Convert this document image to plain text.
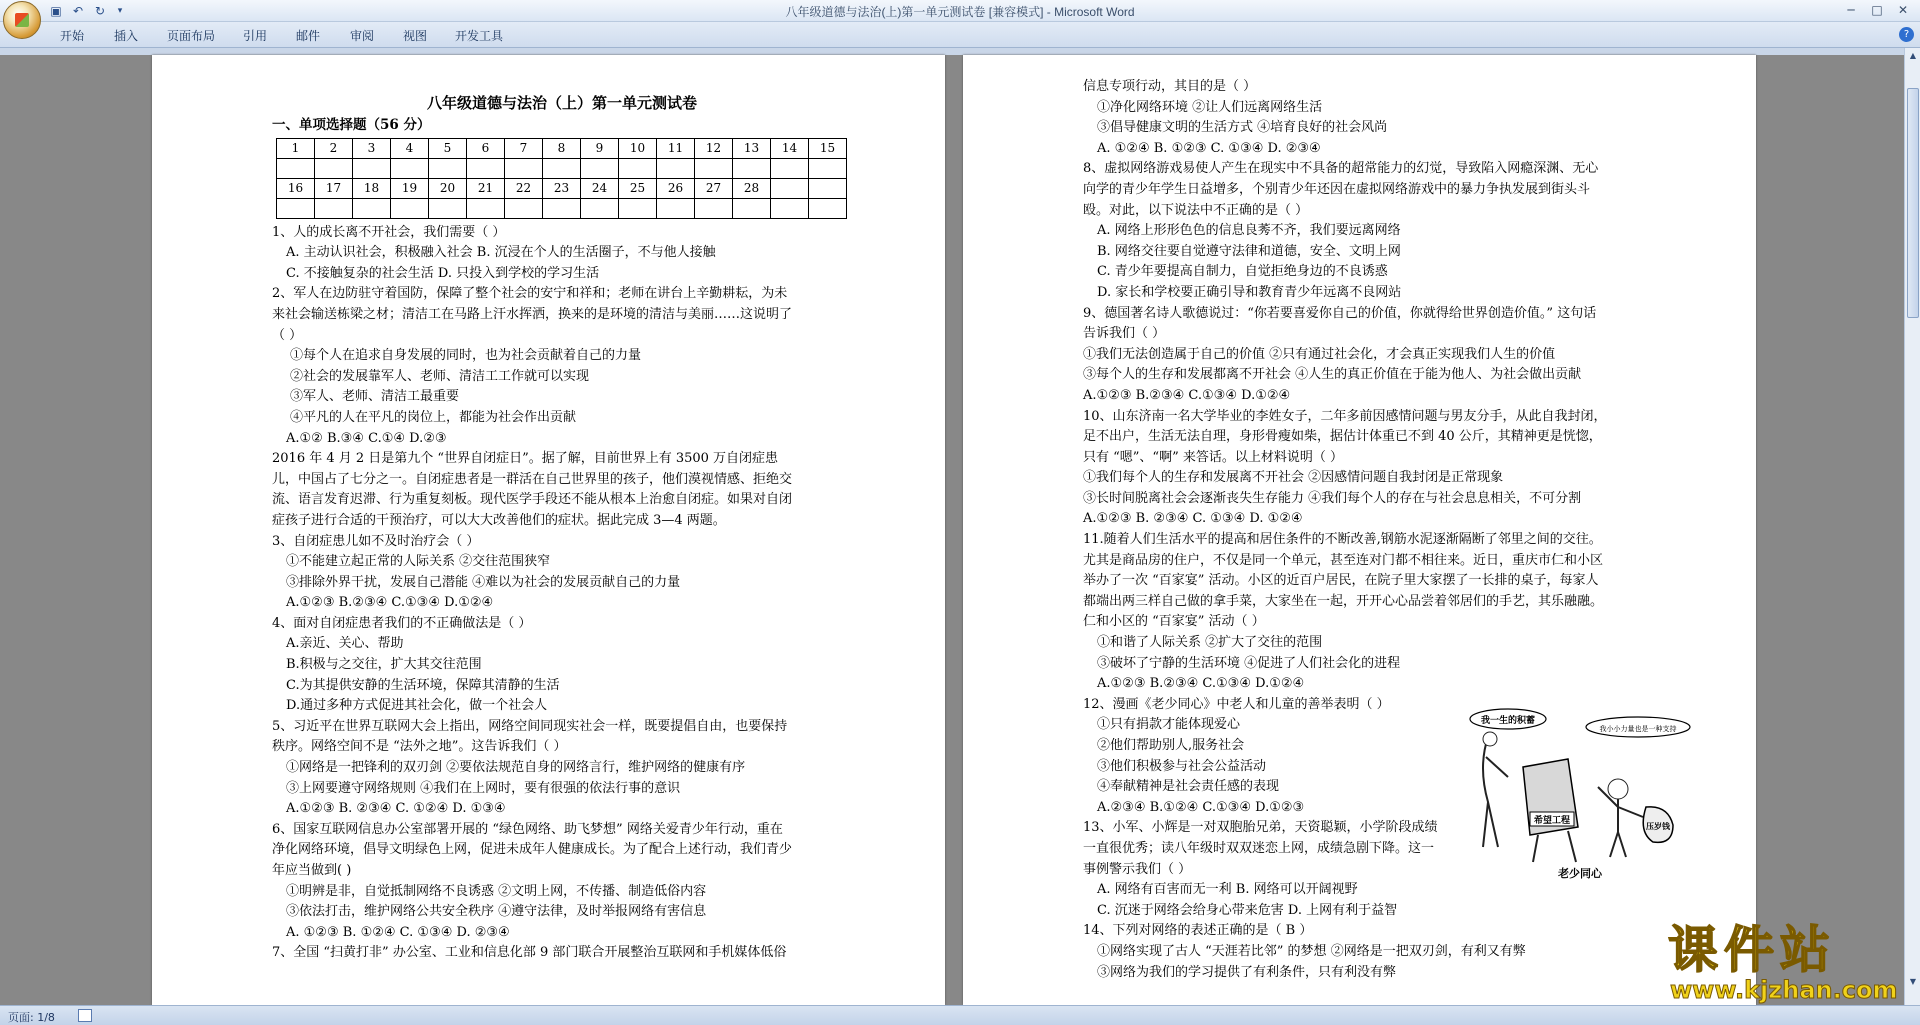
▣ ↶ ↻	▾	八年级道德与法治(上)第一单元测试卷 [兼容模式] - Microsoft Word	─	□	✕
开始 插入 页面布局 引用 邮件 审阅 视图 开发工具	?
八年级道德与法治（上）第一单元测试卷
一、单项选择题（56 分）
1	2	3	4	5	6	7	8	9	10	11	12	13	14	15

16	17	18	19	20	21	22	23	24	25	26	27	28		

1、人的成长离不开社会，我们需要（ ）
A. 主动认识社会，积极融入社会 B. 沉浸在个人的生活圈子，不与他人接触
C. 不接触复杂的社会生活 D. 只投入到学校的学习生活
2、军人在边防驻守着国防，保障了整个社会的安宁和祥和；老师在讲台上辛勤耕耘，为未
来社会输送栋梁之材；清洁工在马路上汗水挥洒，换来的是环境的清洁与美丽……这说明了
（ ）
①每个人在追求自身发展的同时，也为社会贡献着自己的力量
②社会的发展靠军人、老师、清洁工工作就可以实现
③军人、老师、清洁工最重要
④平凡的人在平凡的岗位上，都能为社会作出贡献
A.①② B.③④ C.①④ D.②③
2016 年 4 月 2 日是第九个 “世界自闭症日”。据了解，目前世界上有 3500 万自闭症患
儿，中国占了七分之一。自闭症患者是一群活在自己世界里的孩子，他们漠视情感、拒绝交
流、语言发育迟滞、行为重复刻板。现代医学手段还不能从根本上治愈自闭症。如果对自闭
症孩子进行合适的干预治疗，可以大大改善他们的症状。据此完成 3—4 两题。
3、自闭症患儿如不及时治疗会（ ）
①不能建立起正常的人际关系 ②交往范围狭窄
③排除外界干扰，发展自己潜能 ④难以为社会的发展贡献自己的力量
A.①②③ B.②③④ C.①③④ D.①②④
4、面对自闭症患者我们的不正确做法是（ ）
A.亲近、关心、帮助
B.积极与之交往，扩大其交往范围
C.为其提供安静的生活环境，保障其清静的生活
D.通过多种方式促进其社会化，做一个社会人
5、习近平在世界互联网大会上指出，网络空间同现实社会一样，既要提倡自由，也要保持
秩序。网络空间不是 “法外之地”。这告诉我们（ ）
①网络是一把锋利的双刃剑 ②要依法规范自身的网络言行，维护网络的健康有序
③上网要遵守网络规则 ④我们在上网时，要有很强的依法行事的意识
A.①②③ B. ②③④ C. ①②④ D. ①③④
6、国家互联网信息办公室部署开展的 “绿色网络、助飞梦想” 网络关爱青少年行动，重在
净化网络环境，倡导文明绿色上网，促进未成年人健康成长。为了配合上述行动，我们青少
年应当做到( )
①明辨是非，自觉抵制网络不良诱惑 ②文明上网，不传播、制造低俗内容
③依法打击，维护网络公共安全秩序 ④遵守法律，及时举报网络有害信息
A. ①②③ B. ①②④ C. ①③④ D. ②③④
7、全国 “扫黄打非” 办公室、工业和信息化部 9 部门联合开展整治互联网和手机媒体低俗
信息专项行动，其目的是（ ）
①净化网络环境 ②让人们远离网络生活
③倡导健康文明的生活方式 ④培育良好的社会风尚
A. ①②④ B. ①②③ C. ①③④ D. ②③④
8、虚拟网络游戏易使人产生在现实中不具备的超常能力的幻觉，导致陷入网瘾深渊、无心
向学的青少年学生日益增多，个别青少年还因在虚拟网络游戏中的暴力争执发展到街头斗
殴。对此，以下说法中不正确的是（ ）
A. 网络上形形色色的信息良莠不齐，我们要远离网络
B. 网络交往要自觉遵守法律和道德，安全、文明上网
C. 青少年要提高自制力，自觉拒绝身边的不良诱惑
D. 家长和学校要正确引导和教育青少年远离不良网站
9、德国著名诗人歌德说过：“你若要喜爱你自己的价值，你就得给世界创造价值。” 这句话
告诉我们（ ）
①我们无法创造属于自己的价值 ②只有通过社会化，才会真正实现我们人生的价值
③每个人的生存和发展都离不开社会 ④人生的真正价值在于能为他人、为社会做出贡献
A.①②③ B.②③④ C.①③④ D.①②④
10、山东济南一名大学毕业的李姓女子，二年多前因感情问题与男友分手，从此自我封闭，
足不出户，生活无法自理，身形骨瘦如柴，据估计体重已不到 40 公斤，其精神更是恍惚，
只有 “嗯”、“啊” 来答话。以上材料说明（ ）
①我们每个人的生存和发展离不开社会 ②因感情问题自我封闭是正常现象
③长时间脱离社会会逐渐丧失生存能力 ④我们每个人的存在与社会息息相关，不可分割
A.①②③ B. ②③④ C. ①③④ D. ①②④
11.随着人们生活水平的提高和居住条件的不断改善,钢筋水泥逐渐隔断了邻里之间的交往。
尤其是商品房的住户，不仅是同一个单元，甚至连对门都不相往来。近日，重庆市仁和小区
举办了一次 “百家宴” 活动。小区的近百户居民，在院子里大家摆了一长排的桌子，每家人
都端出两三样自己做的拿手菜，大家坐在一起，开开心心品尝着邻居们的手艺，其乐融融。
仁和小区的 “百家宴” 活动（ ）
①和谐了人际关系 ②扩大了交往的范围
③破坏了宁静的生活环境 ④促进了人们社会化的进程
A.①②③ B.②③④ C.①③④ D.①②④
12、漫画《老少同心》中老人和儿童的善举表明（ ）
①只有捐款才能体现爱心
②他们帮助别人,服务社会
③他们积极参与社会公益活动
④奉献精神是社会责任感的表现
A.②③④ B.①②④ C.①③④ D.①②③
13、小军、小辉是一对双胞胎兄弟，天资聪颖，小学阶段成绩
一直很优秀；读八年级时双双迷恋上网，成绩急剧下降。这一
事例警示我们（ ）
A. 网络有百害而无一利 B. 网络可以开阔视野
C. 沉迷于网络会给身心带来危害 D. 上网有利于益智
14、下列对网络的表述正确的是（ B ）
①网络实现了古人 “天涯若比邻” 的梦想 ②网络是一把双刃剑，有利又有弊
③网络为我们的学习提供了有利条件，只有利没有弊
我一生的积蓄
我小小力量也是一种支持
希望工程
压岁钱
老少同心
▲
▼
页面: 1/8
课件站
www.kjzhan.com
